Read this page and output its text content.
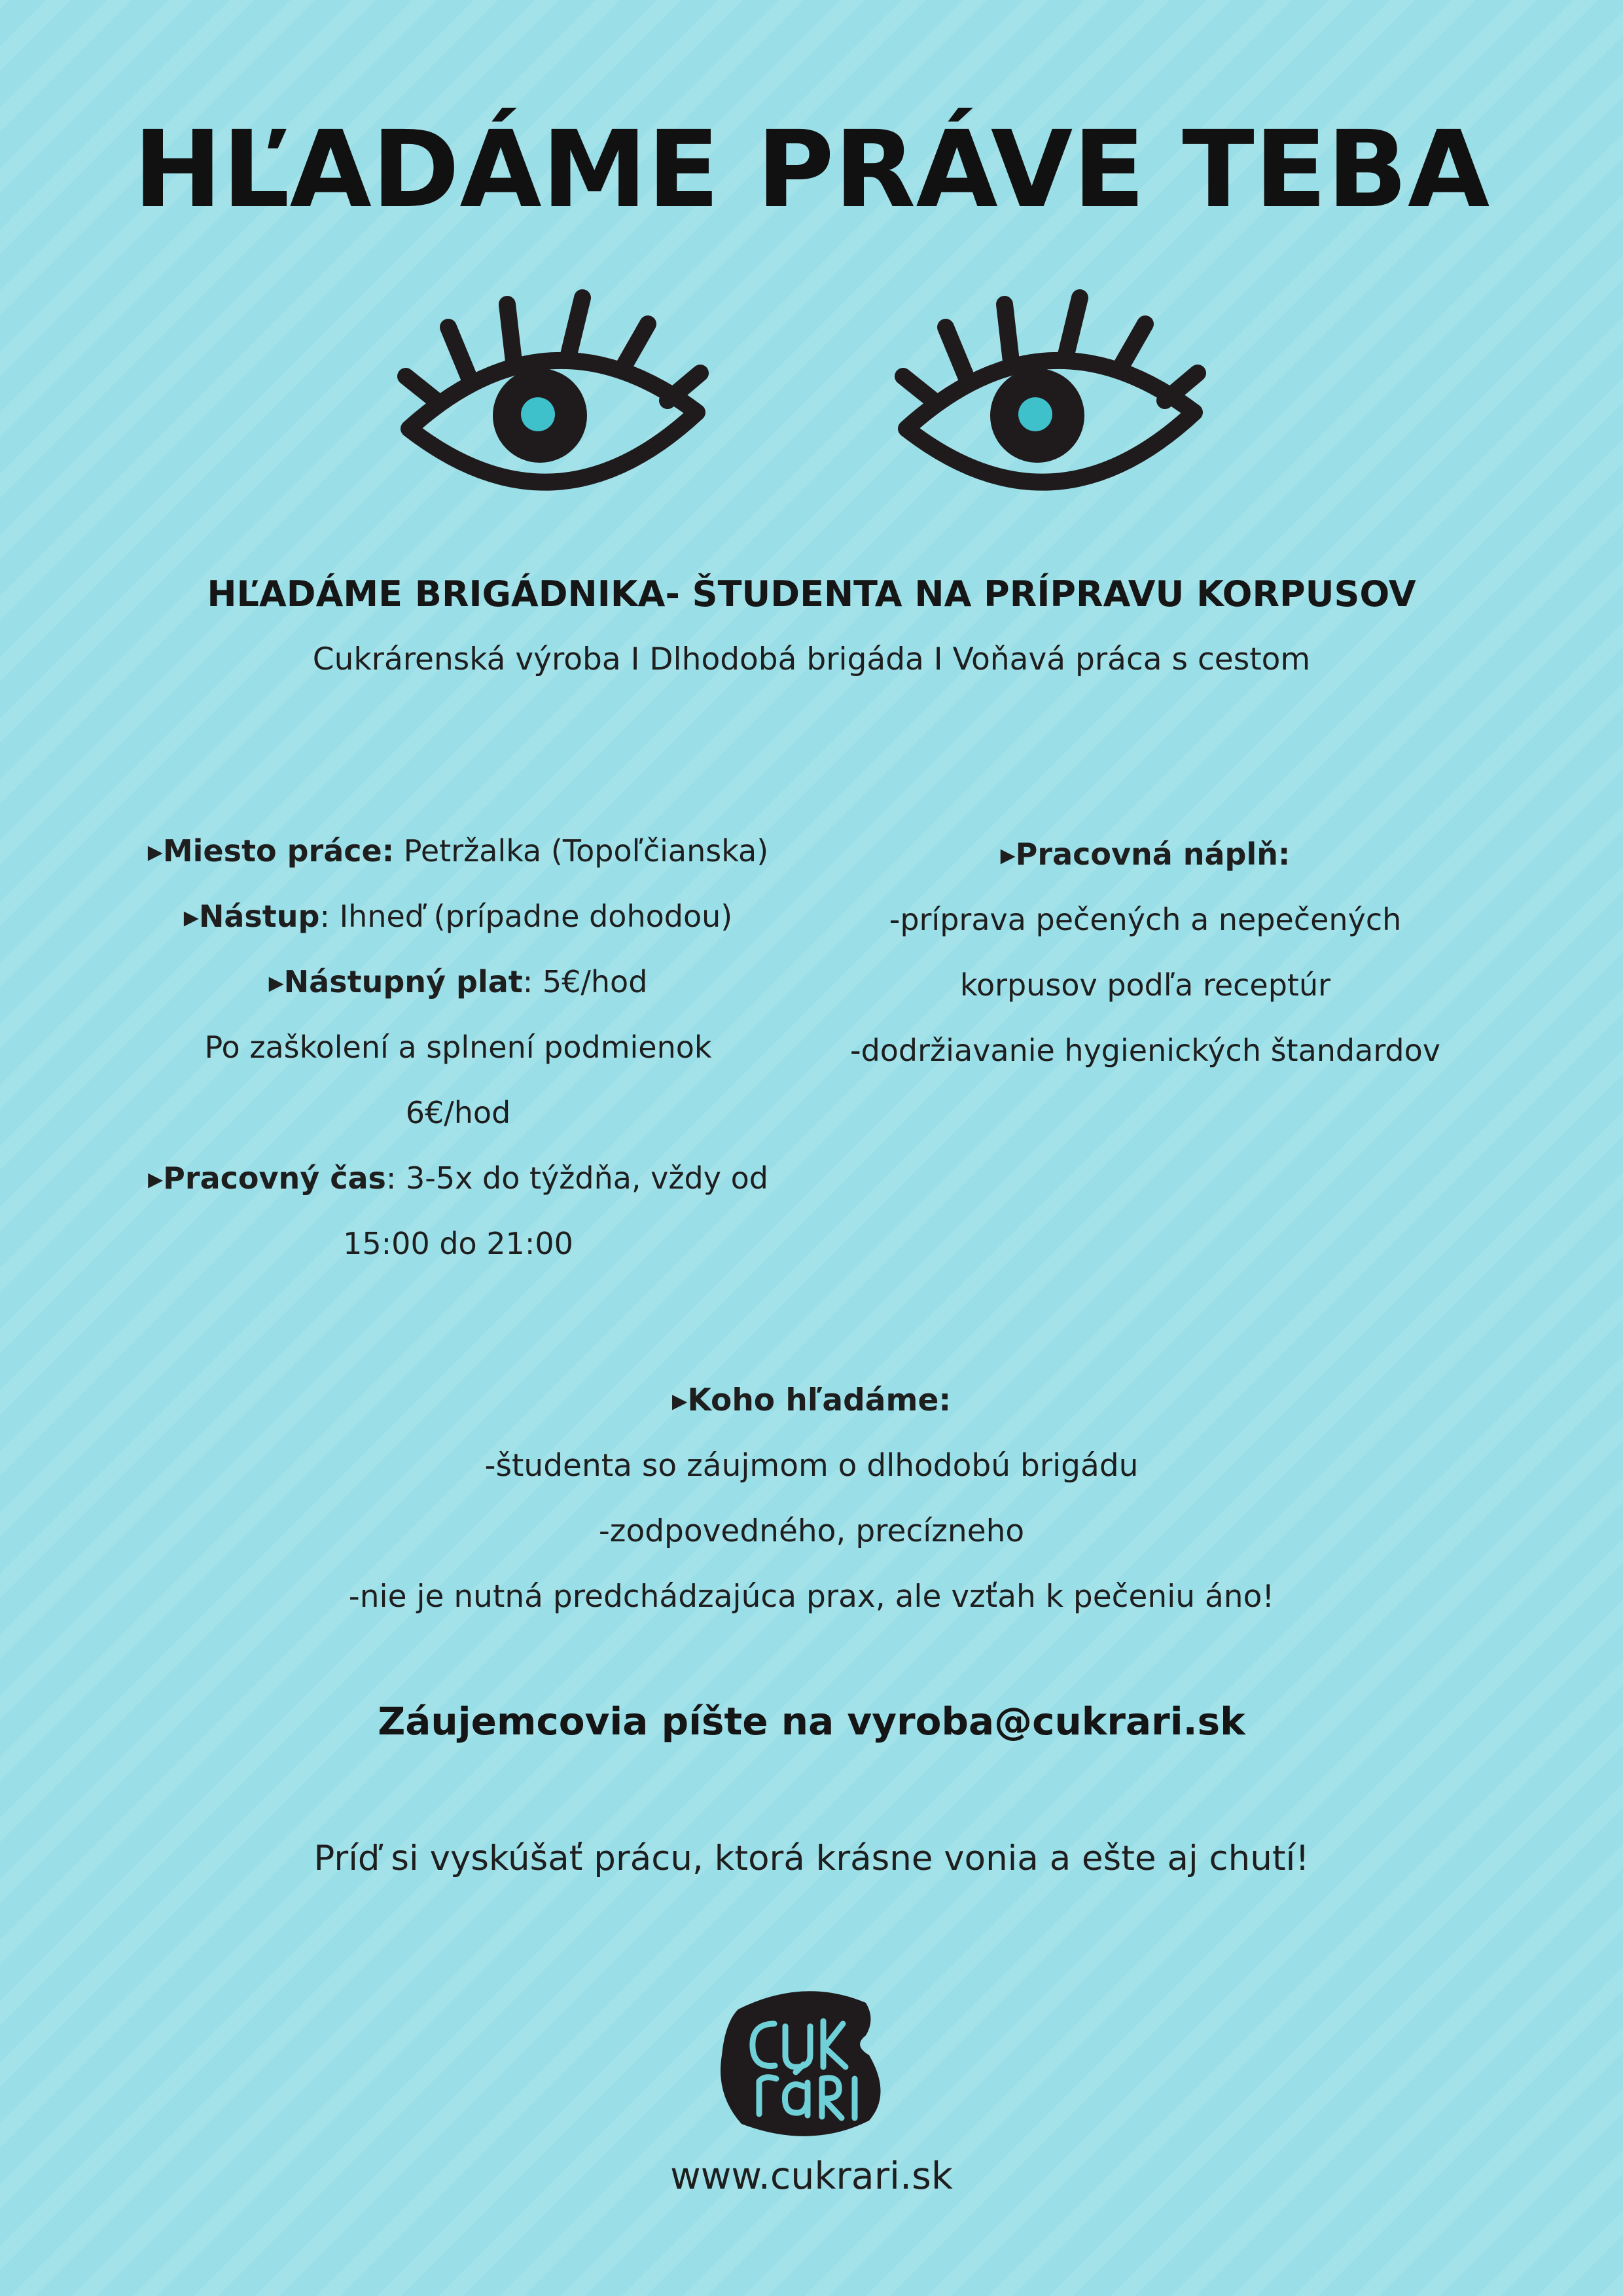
HĽADÁME PRÁVE TEBA
HĽADÁME BRIGÁDNIKA- ŠTUDENTA NA PRÍPRAVU KORPUSOV
Cukrárenská výroba I Dlhodobá brigáda I Voňavá práca s cestom
▸Miesto práce: Petržalka (Topoľčianska)
▸Nástup: Ihneď (prípadne dohodou)
▸Nástupný plat: 5€/hod
Po zaškolení a splnení podmienok
6€/hod
▸Pracovný čas: 3-5x do týždňa, vždy od
15:00 do 21:00
▸Pracovná náplň:
-príprava pečených a nepečených
korpusov podľa receptúr
-dodržiavanie hygienických štandardov
▸Koho hľadáme:
-študenta so záujmom o dlhodobú brigádu
-zodpovedného, precízneho
-nie je nutná predchádzajúca prax, ale vzťah k pečeniu áno!
Záujemcovia píšte na vyroba@cukrari.sk
Príď si vyskúšať prácu, ktorá krásne vonia a ešte aj chutí!
www.cukrari.sk
